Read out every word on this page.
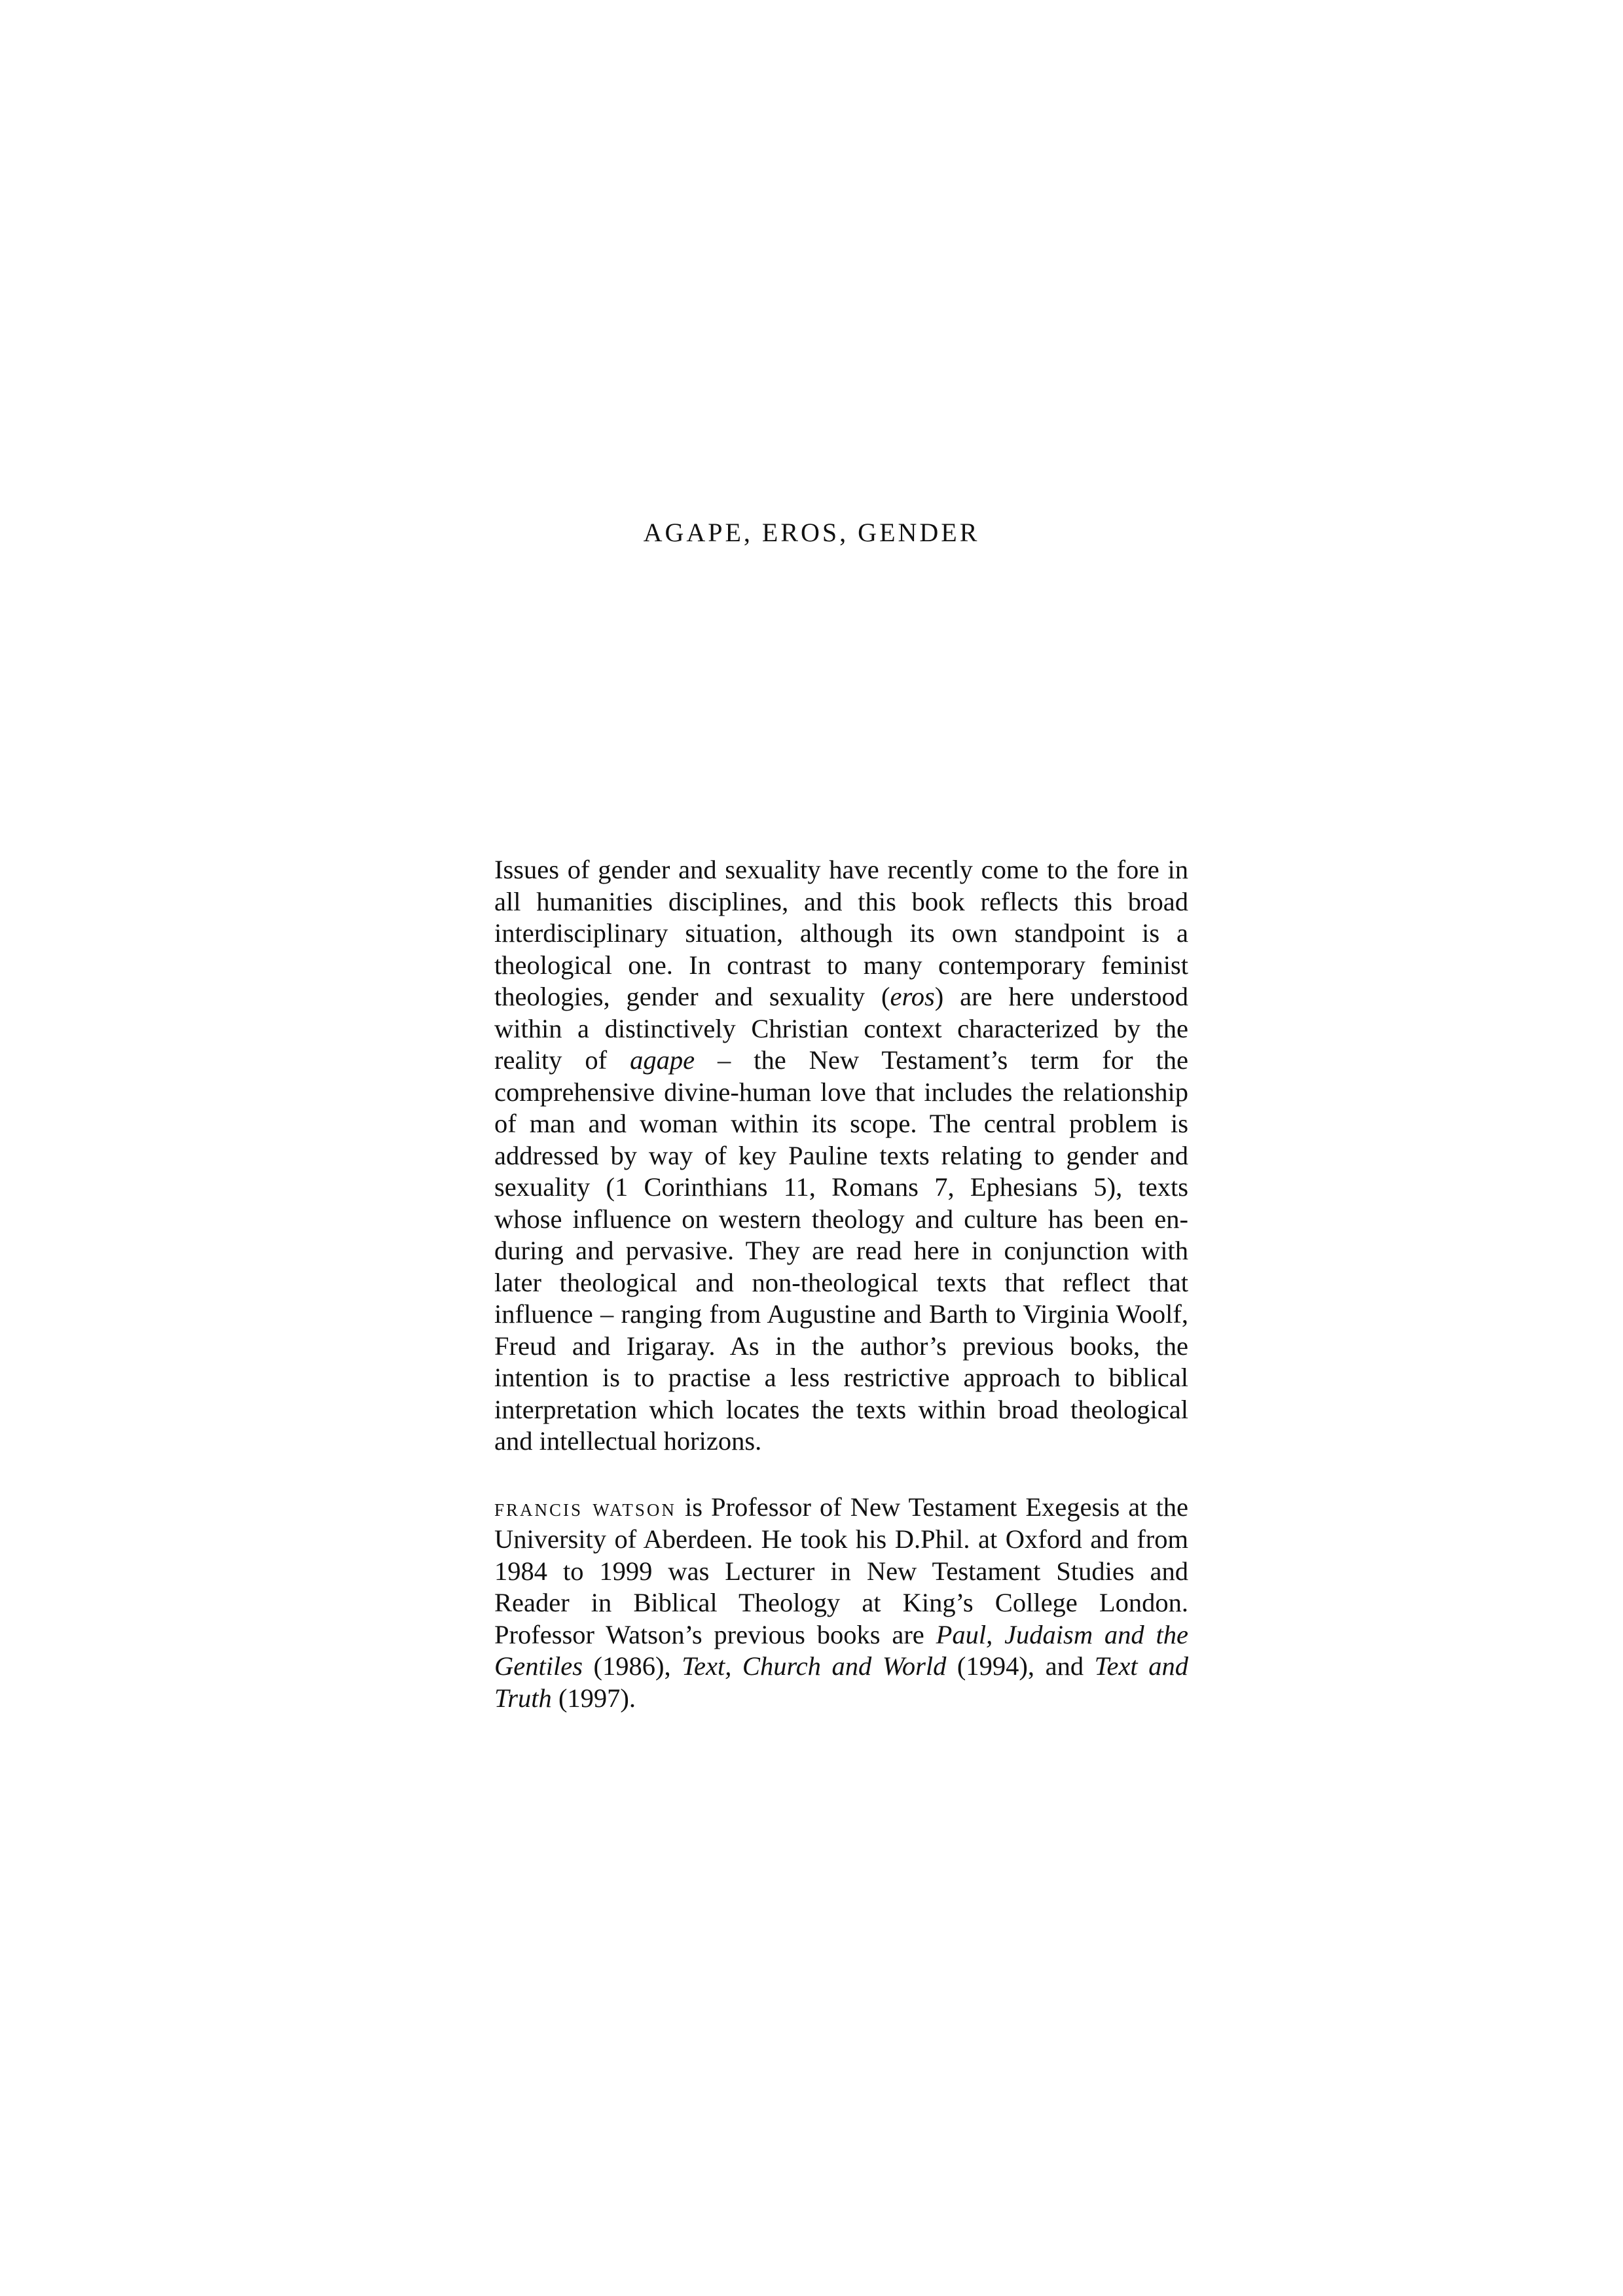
AGAPE, EROS, GENDER

Issues of gender and sexuality have recently come to the fore in all humanities disciplines, and this book reflects this broad interdisciplinary situation, although its own standpoint is a theological one. In contrast to many contemporary feminist theologies, gender and sexuality (eros) are here understood within a distinctively Christian context characterized by the reality of agape – the New Testament’s term for the comprehensive divine-human love that includes the relationship of man and woman within its scope. The central problem is addressed by way of key Pauline texts relating to gender and sexuality (1 Corinthians 11, Romans 7, Ephesians 5), texts whose influence on western theology and culture has been enduring and pervasive. They are read here in conjunction with later theological and non-theological texts that reflect that influence – ranging from Augustine and Barth to Virginia Woolf, Freud and Irigaray. As in the author’s previous books, the intention is to practise a less restrictive approach to biblical interpretation which locates the texts within broad theological and intellectual horizons.

francis watson is Professor of New Testament Exegesis at the University of Aberdeen. He took his D.Phil. at Oxford and from 1984 to 1999 was Lecturer in New Testament Studies and Reader in Biblical Theology at King’s College London. Professor Watson’s previous books are Paul, Judaism and the Gentiles (1986), Text, Church and World (1994), and Text and Truth (1997).
